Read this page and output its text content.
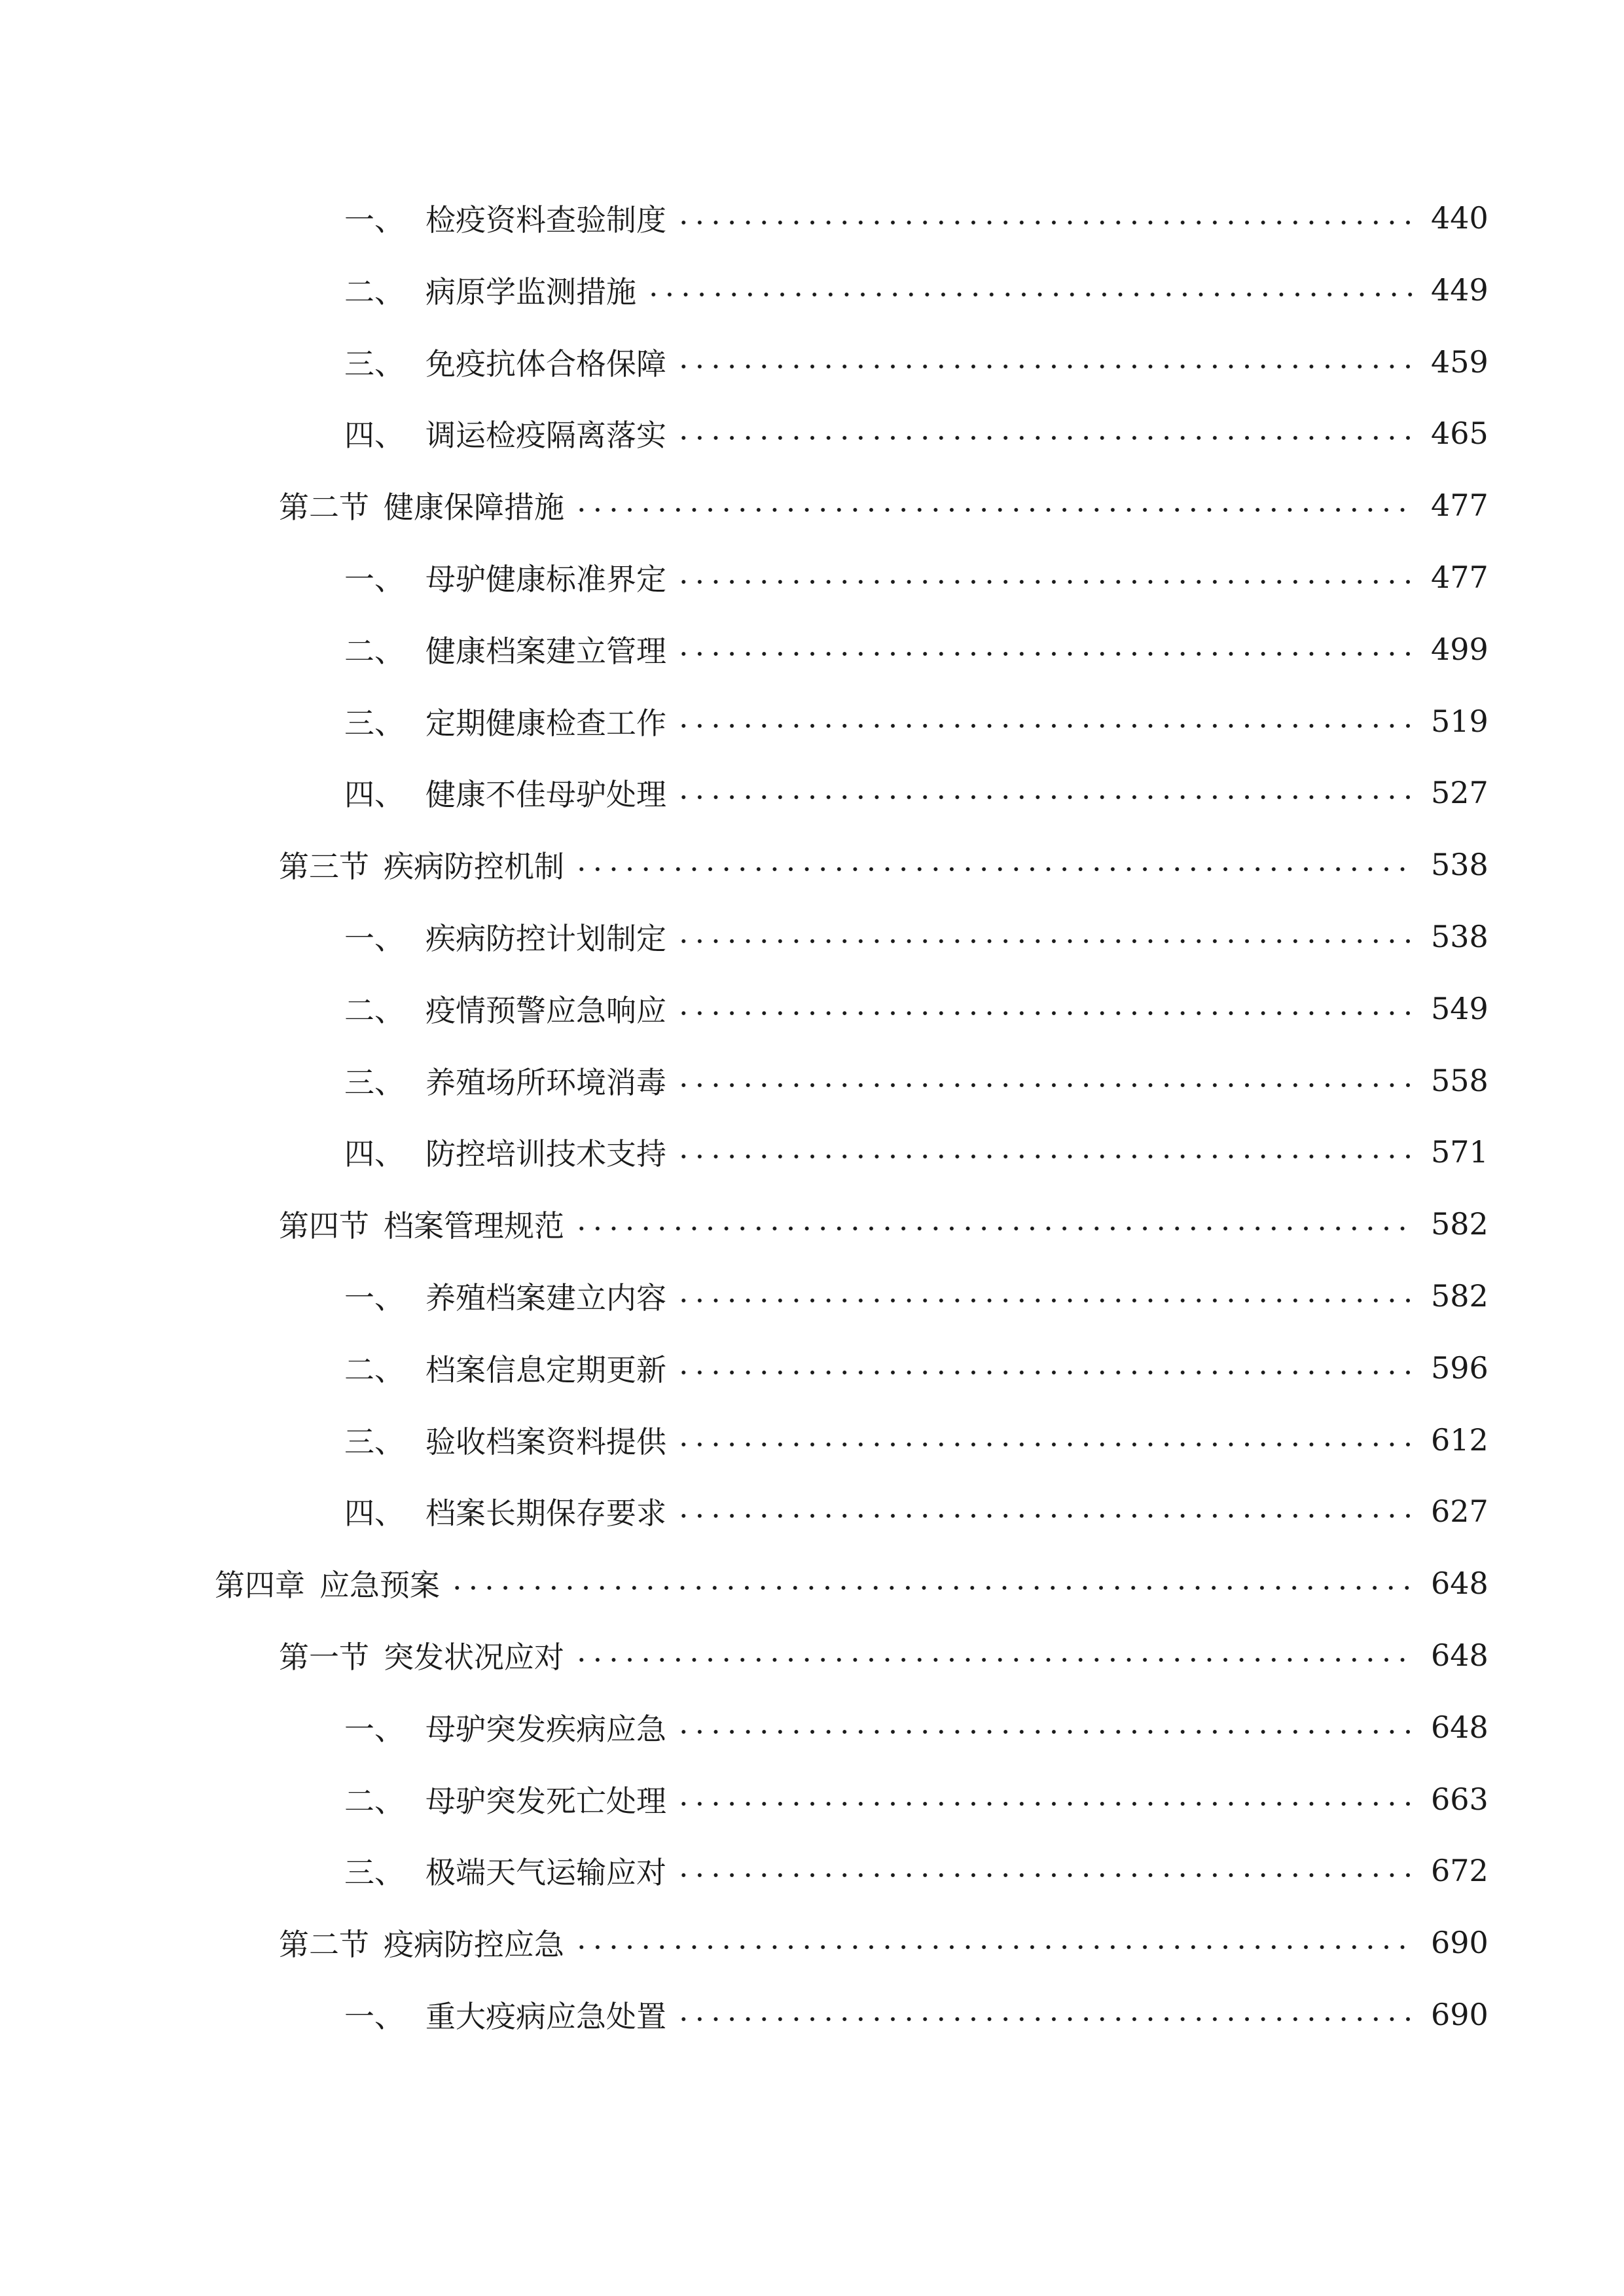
一、 检疫资料查验制度	440
二、 病原学监测措施	449
三、 免疫抗体合格保障	459
四、 调运检疫隔离落实	465
第二节 健康保障措施	477
一、 母驴健康标准界定	477
二、 健康档案建立管理	499
三、 定期健康检查工作	519
四、 健康不佳母驴处理	527
第三节 疾病防控机制	538
一、 疾病防控计划制定	538
二、 疫情预警应急响应	549
三、 养殖场所环境消毒	558
四、 防控培训技术支持	571
第四节 档案管理规范	582
一、 养殖档案建立内容	582
二、 档案信息定期更新	596
三、 验收档案资料提供	612
四、 档案长期保存要求	627
第四章 应急预案	648
第一节 突发状况应对	648
一、 母驴突发疾病应急	648
二、 母驴突发死亡处理	663
三、 极端天气运输应对	672
第二节 疫病防控应急	690
一、 重大疫病应急处置	690
